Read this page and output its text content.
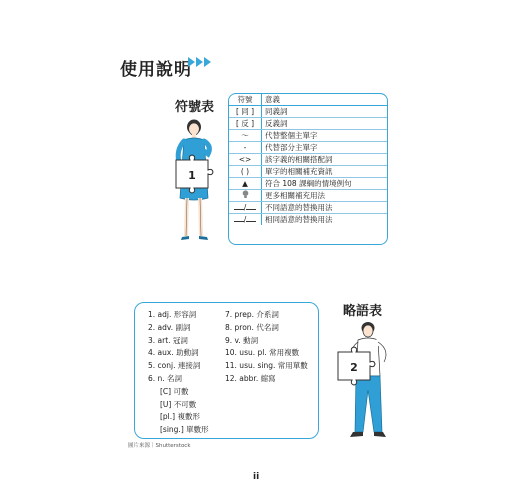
使用說明
符號表
1
符號	意義
[ 同 ]	同義詞
[ 反 ]	反義詞
～	代替整個主單字
-	代替部分主單字
<>	該字義的相關搭配詞
( )	單字的相關補充資訊
▲	符合 108 課綱的情境例句
	更多相關補充用法
/	不同語意的替換用法
/	相同語意的替換用法
1. adj. 形容詞
2. adv. 副詞
3. art. 冠詞
4. aux. 助動詞
5. conj. 連接詞
6. n. 名詞
[C] 可數
[U] 不可數
[pl.] 複數形
[sing.] 單數形
7. prep. 介系詞
8. pron. 代名詞
9. v. 動詞
10. usu. pl. 常用複數
11. usu. sing. 常用單數
12. abbr. 縮寫
略語表
2
圖片來源｜Shutterstock
ii
